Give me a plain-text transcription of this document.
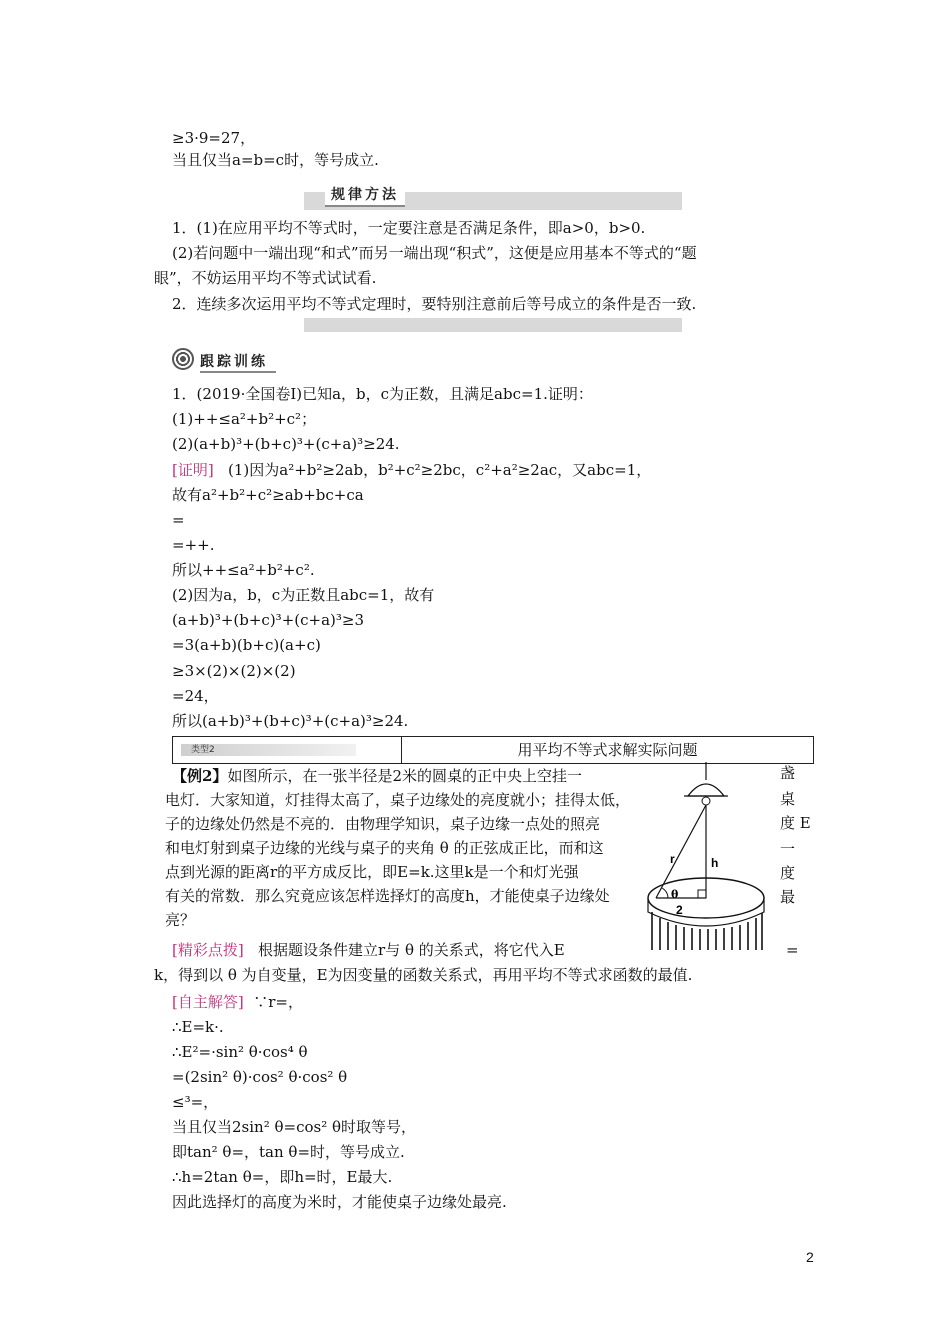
≥3·9=27，
当且仅当a=b=c时，等号成立.
规律方法
1．(1)在应用平均不等式时，一定要注意是否满足条件，即a>0，b>0.
(2)若问题中一端出现“和式”而另一端出现“积式”，这便是应用基本不等式的“题
眼”，不妨运用平均不等式试试看.
2．连续多次运用平均不等式定理时，要特别注意前后等号成立的条件是否一致.
跟踪训练
1．(2019·全国卷Ⅰ)已知a，b，c为正数，且满足abc=1.证明：
(1)++≤a²+b²+c²；
(2)(a+b)³+(b+c)³+(c+a)³≥24.
[证明] (1)因为a²+b²≥2ab，b²+c²≥2bc，c²+a²≥2ac，又abc=1，
故有a²+b²+c²≥ab+bc+ca
=
=++.
所以++≤a²+b²+c².
(2)因为a，b，c为正数且abc=1，故有
(a+b)³+(b+c)³+(c+a)³≥3
=3(a+b)(b+c)(a+c)
≥3×(2)×(2)×(2)
=24，
所以(a+b)³+(b+c)³+(c+a)³≥24.
类型2	用平均不等式求解实际问题
【例2】如图所示，在一张半径是2米的圆桌的正中央上空挂一
电灯．大家知道，灯挂得太高了，桌子边缘处的亮度就小；挂得太低，
子的边缘处仍然是不亮的．由物理学知识，桌子边缘一点处的照亮
和电灯射到桌子边缘的光线与桌子的夹角 θ 的正弦成正比，而和这
点到光源的距离r的平方成反比，即E=k.这里k是一个和灯光强
有关的常数．那么究竟应该怎样选择灯的高度h，才能使桌子边缘处
亮？
盏
桌
度 E
一
度
最
r	h
θ
2
[精彩点拨] 根据题设条件建立r与 θ 的关系式，将它代入E	=
k，得到以 θ 为自变量，E为因变量的函数关系式，再用平均不等式求函数的最值.
[自主解答] ∵r=，
∴E=k·.
∴E²=·sin² θ·cos⁴ θ
=(2sin² θ)·cos² θ·cos² θ
≤³=，
当且仅当2sin² θ=cos² θ时取等号，
即tan² θ=，tan θ=时，等号成立.
∴h=2tan θ=，即h=时，E最大.
因此选择灯的高度为米时，才能使桌子边缘处最亮.
2
